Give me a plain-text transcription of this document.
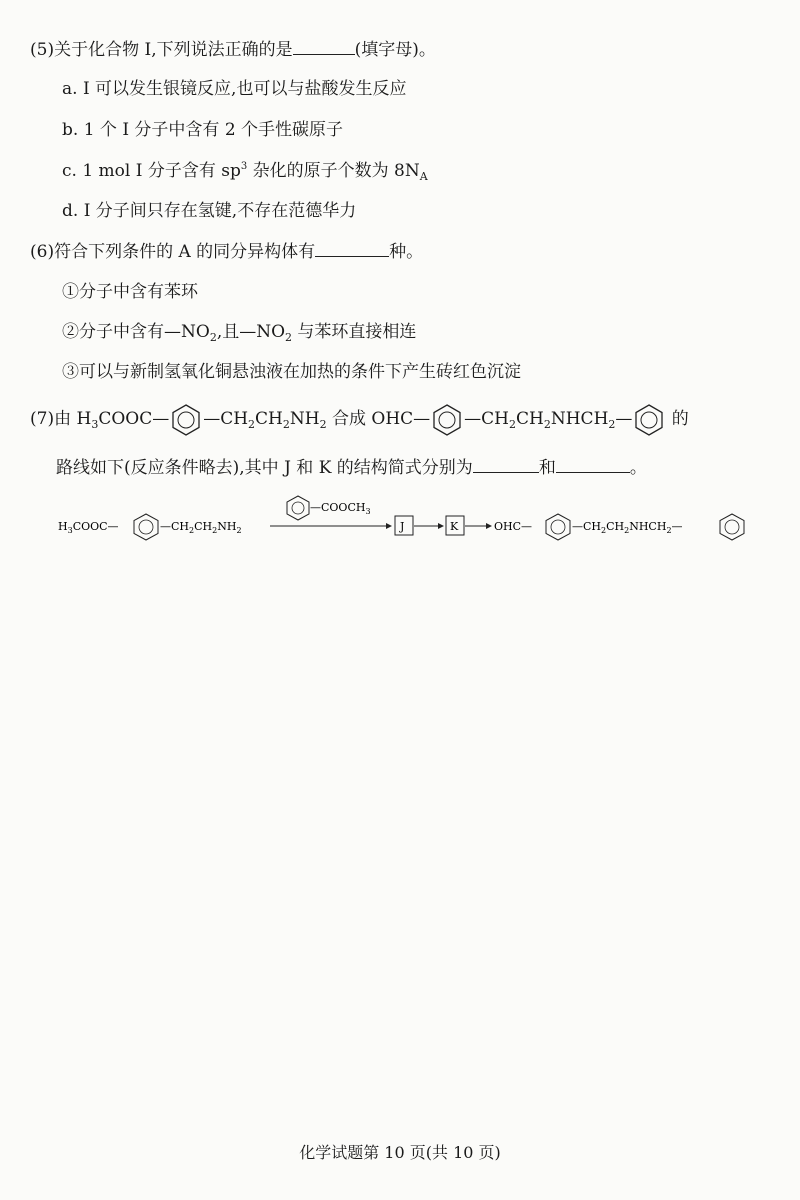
(5)关于化合物 I,下列说法正确的是	(填字母)。
a. I 可以发生银镜反应,也可以与盐酸发生反应
b. 1 个 I 分子中含有 2 个手性碳原子
c. 1 mol I 分子含有 $sp^3$ 杂化的原子个数为 $8N_A$
d. I 分子间只存在氢键,不存在范德华力
(6)符合下列条件的 A 的同分异构体有	种。
①分子中含有苯环
②分子中含有$—NO_2$,且$—NO_2$ 与苯环直接相连
③可以与新制氢氧化铜悬浊液在加热的条件下产生砖红色沉淀
(7)由 $H_3COOC—$ $—CH_2CH_2NH_2$ 合成 OHC— $—CH_2CH_2NHCH_2—$ 的
路线如下(反应条件略去),其中 J 和 K 的结构简式分别为	和	。
$H_3COOC—$	$—CH_2CH_2NH_2$
$—COOCH_3$
J	K	OHC—	$—CH_2CH_2NHCH_2—$
化学试题第 10 页(共 10 页)
